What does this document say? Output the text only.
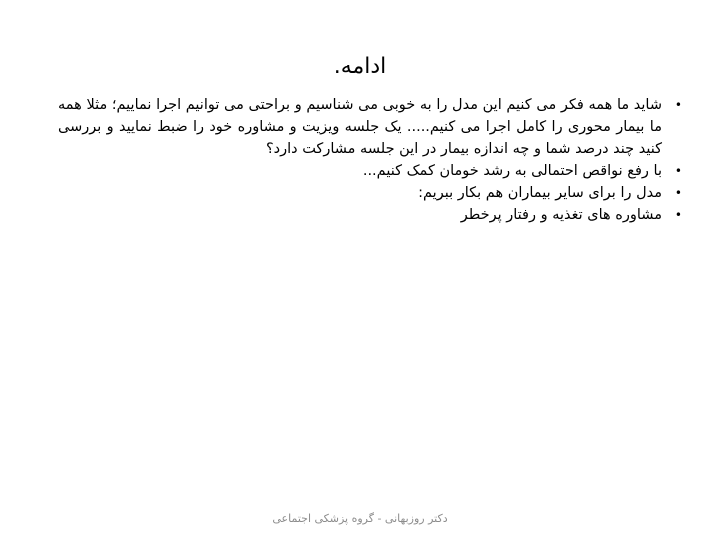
ادامه.
•
شاید ما همه فکر می کنیم این مدل را به خوبی می شناسیم و براحتی می توانیم اجرا نماییم؛ مثلا همه ما بیمار محوری را کامل اجرا می کنیم..... یک جلسه ویزیت و مشاوره خود را ضبط نمایید و بررسی کنید چند درصد شما و چه اندازه بیمار در این جلسه مشارکت دارد؟
•
با رفع نواقص احتمالی به رشد خومان کمک کنیم...
•
مدل را برای سایر بیماران هم بکار ببریم:
•
مشاوره های تغذیه و رفتار پرخطر
دکتر روزبهانی - گروه پزشکی اجتماعی
